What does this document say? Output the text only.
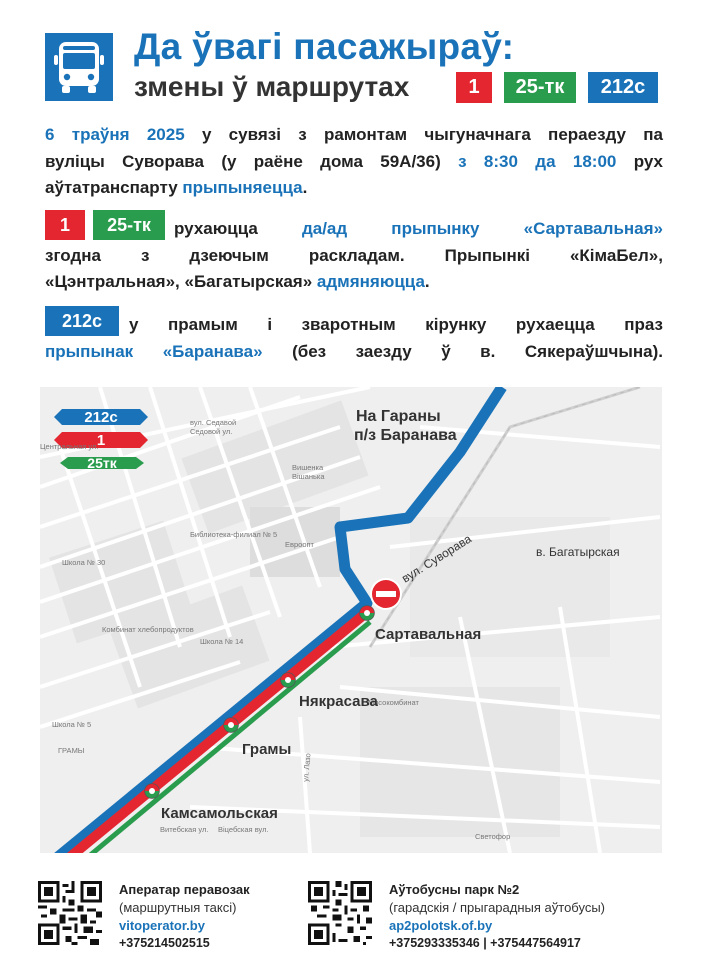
Да ўвагі пасажыраў:
змены ў маршрутах	1	25-тк	212с
6 траўня 2025 у сувязі з рамонтам чыгуначнага пераезду па
вуліцы Суворава (у раёне дома 59А/36) з 8:30 да 18:00 рух
аўтатранспарту прыпыняецца.
1	25-тк	рухаюцца да/ад прыпынку «Сартавальная»
згодна з дзеючым раскладам. Прыпынкі «КімаБел»,
«Цэнтральная», «Багатырская» адмяняюцца.
212с	у прамым і зваротным кірунку рухаецца праз
прыпынак «Баранава» (без заезду ў в. Сякераўшчына).
212с
1
25тк
вул. Седавой
Седовой ул.
Центральная ул.
Вишенка
Вішанька
Библиотека-филиал № 5
Евроопт
Школа № 30
Комбинат хлебопродуктов
Школа № 14
Школа № 5
ГРАМЫ
Мясокомбинат
ул. Лазо
Витебская ул. Віцебская вул.
Светофор
На Гараны
п/з Баранава
вул. Суворава	в. Багатырская
Сартавальная
Някрасава
Грамы
Камсамольская
Аператар перавозак
(маршрутныя таксі)
vitoperator.by
+375214502515
Аўтобусны парк №2
(гарадскія / прыгарадныя аўтобусы)
ap2polotsk.of.by
+375293335346 | +375447564917
